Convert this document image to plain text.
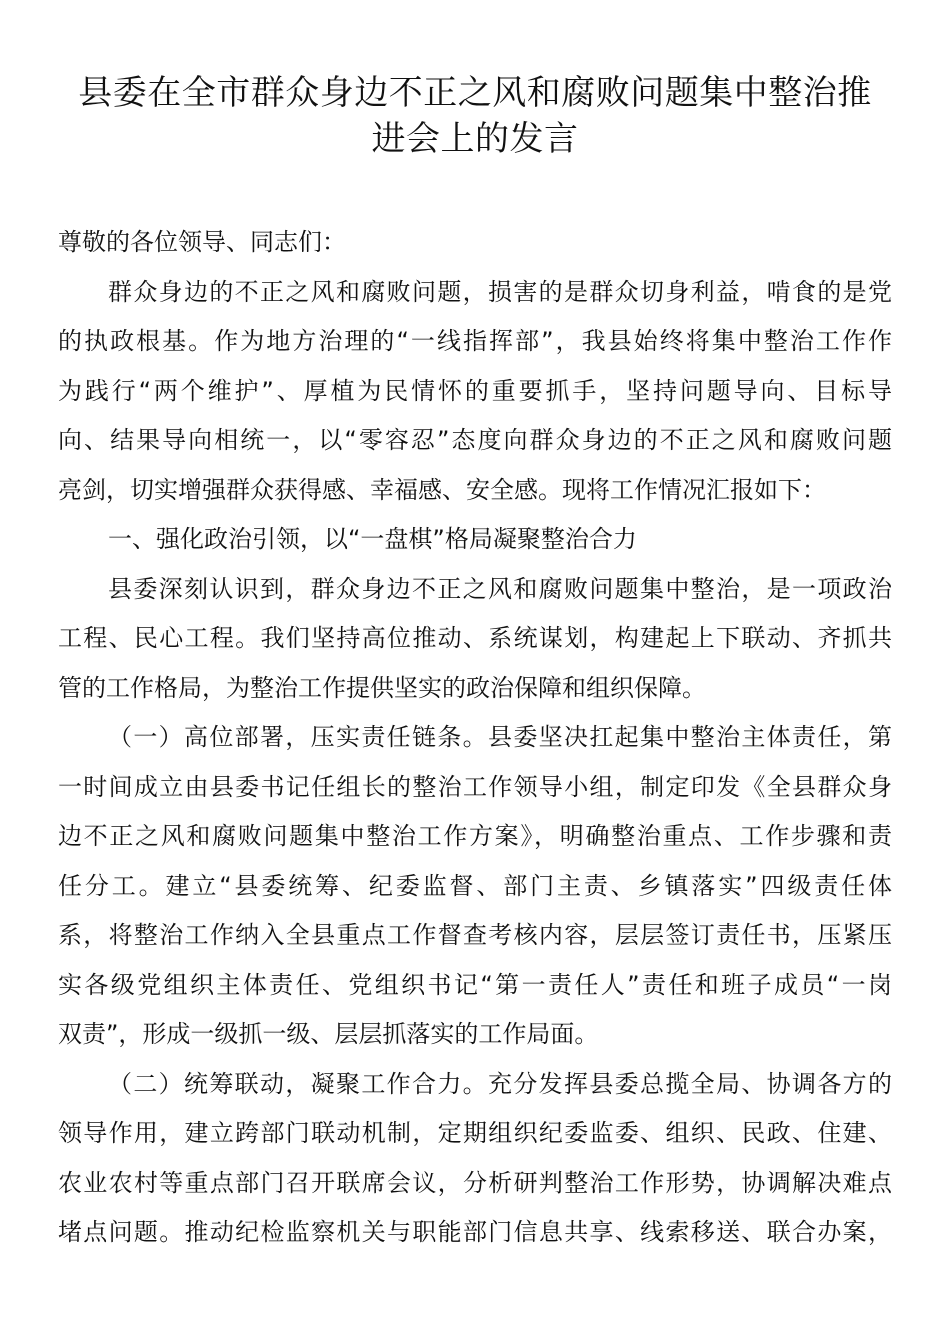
县委在全市群众身边不正之风和腐败问题集中整治推
进会上的发言

尊敬的各位领导、同志们：

群众身边的不正之风和腐败问题，损害的是群众切身利益，啃食的是党
的执政根基。作为地方治理的“一线指挥部”，我县始终将集中整治工作作
为践行“两个维护”、厚植为民情怀的重要抓手，坚持问题导向、目标导
向、结果导向相统一，以“零容忍”态度向群众身边的不正之风和腐败问题
亮剑，切实增强群众获得感、幸福感、安全感。现将工作情况汇报如下：

一、强化政治引领，以“一盘棋”格局凝聚整治合力

县委深刻认识到，群众身边不正之风和腐败问题集中整治，是一项政治
工程、民心工程。我们坚持高位推动、系统谋划，构建起上下联动、齐抓共
管的工作格局，为整治工作提供坚实的政治保障和组织保障。

（一）高位部署，压实责任链条。县委坚决扛起集中整治主体责任，第
一时间成立由县委书记任组长的整治工作领导小组，制定印发《全县群众身
边不正之风和腐败问题集中整治工作方案》，明确整治重点、工作步骤和责
任分工。建立“县委统筹、纪委监督、部门主责、乡镇落实”四级责任体
系，将整治工作纳入全县重点工作督查考核内容，层层签订责任书，压紧压
实各级党组织主体责任、党组织书记“第一责任人”责任和班子成员“一岗
双责”，形成一级抓一级、层层抓落实的工作局面。

（二）统筹联动，凝聚工作合力。充分发挥县委总揽全局、协调各方的
领导作用，建立跨部门联动机制，定期组织纪委监委、组织、民政、住建、
农业农村等重点部门召开联席会议，分析研判整治工作形势，协调解决难点
堵点问题。推动纪检监察机关与职能部门信息共享、线索移送、联合办案，
